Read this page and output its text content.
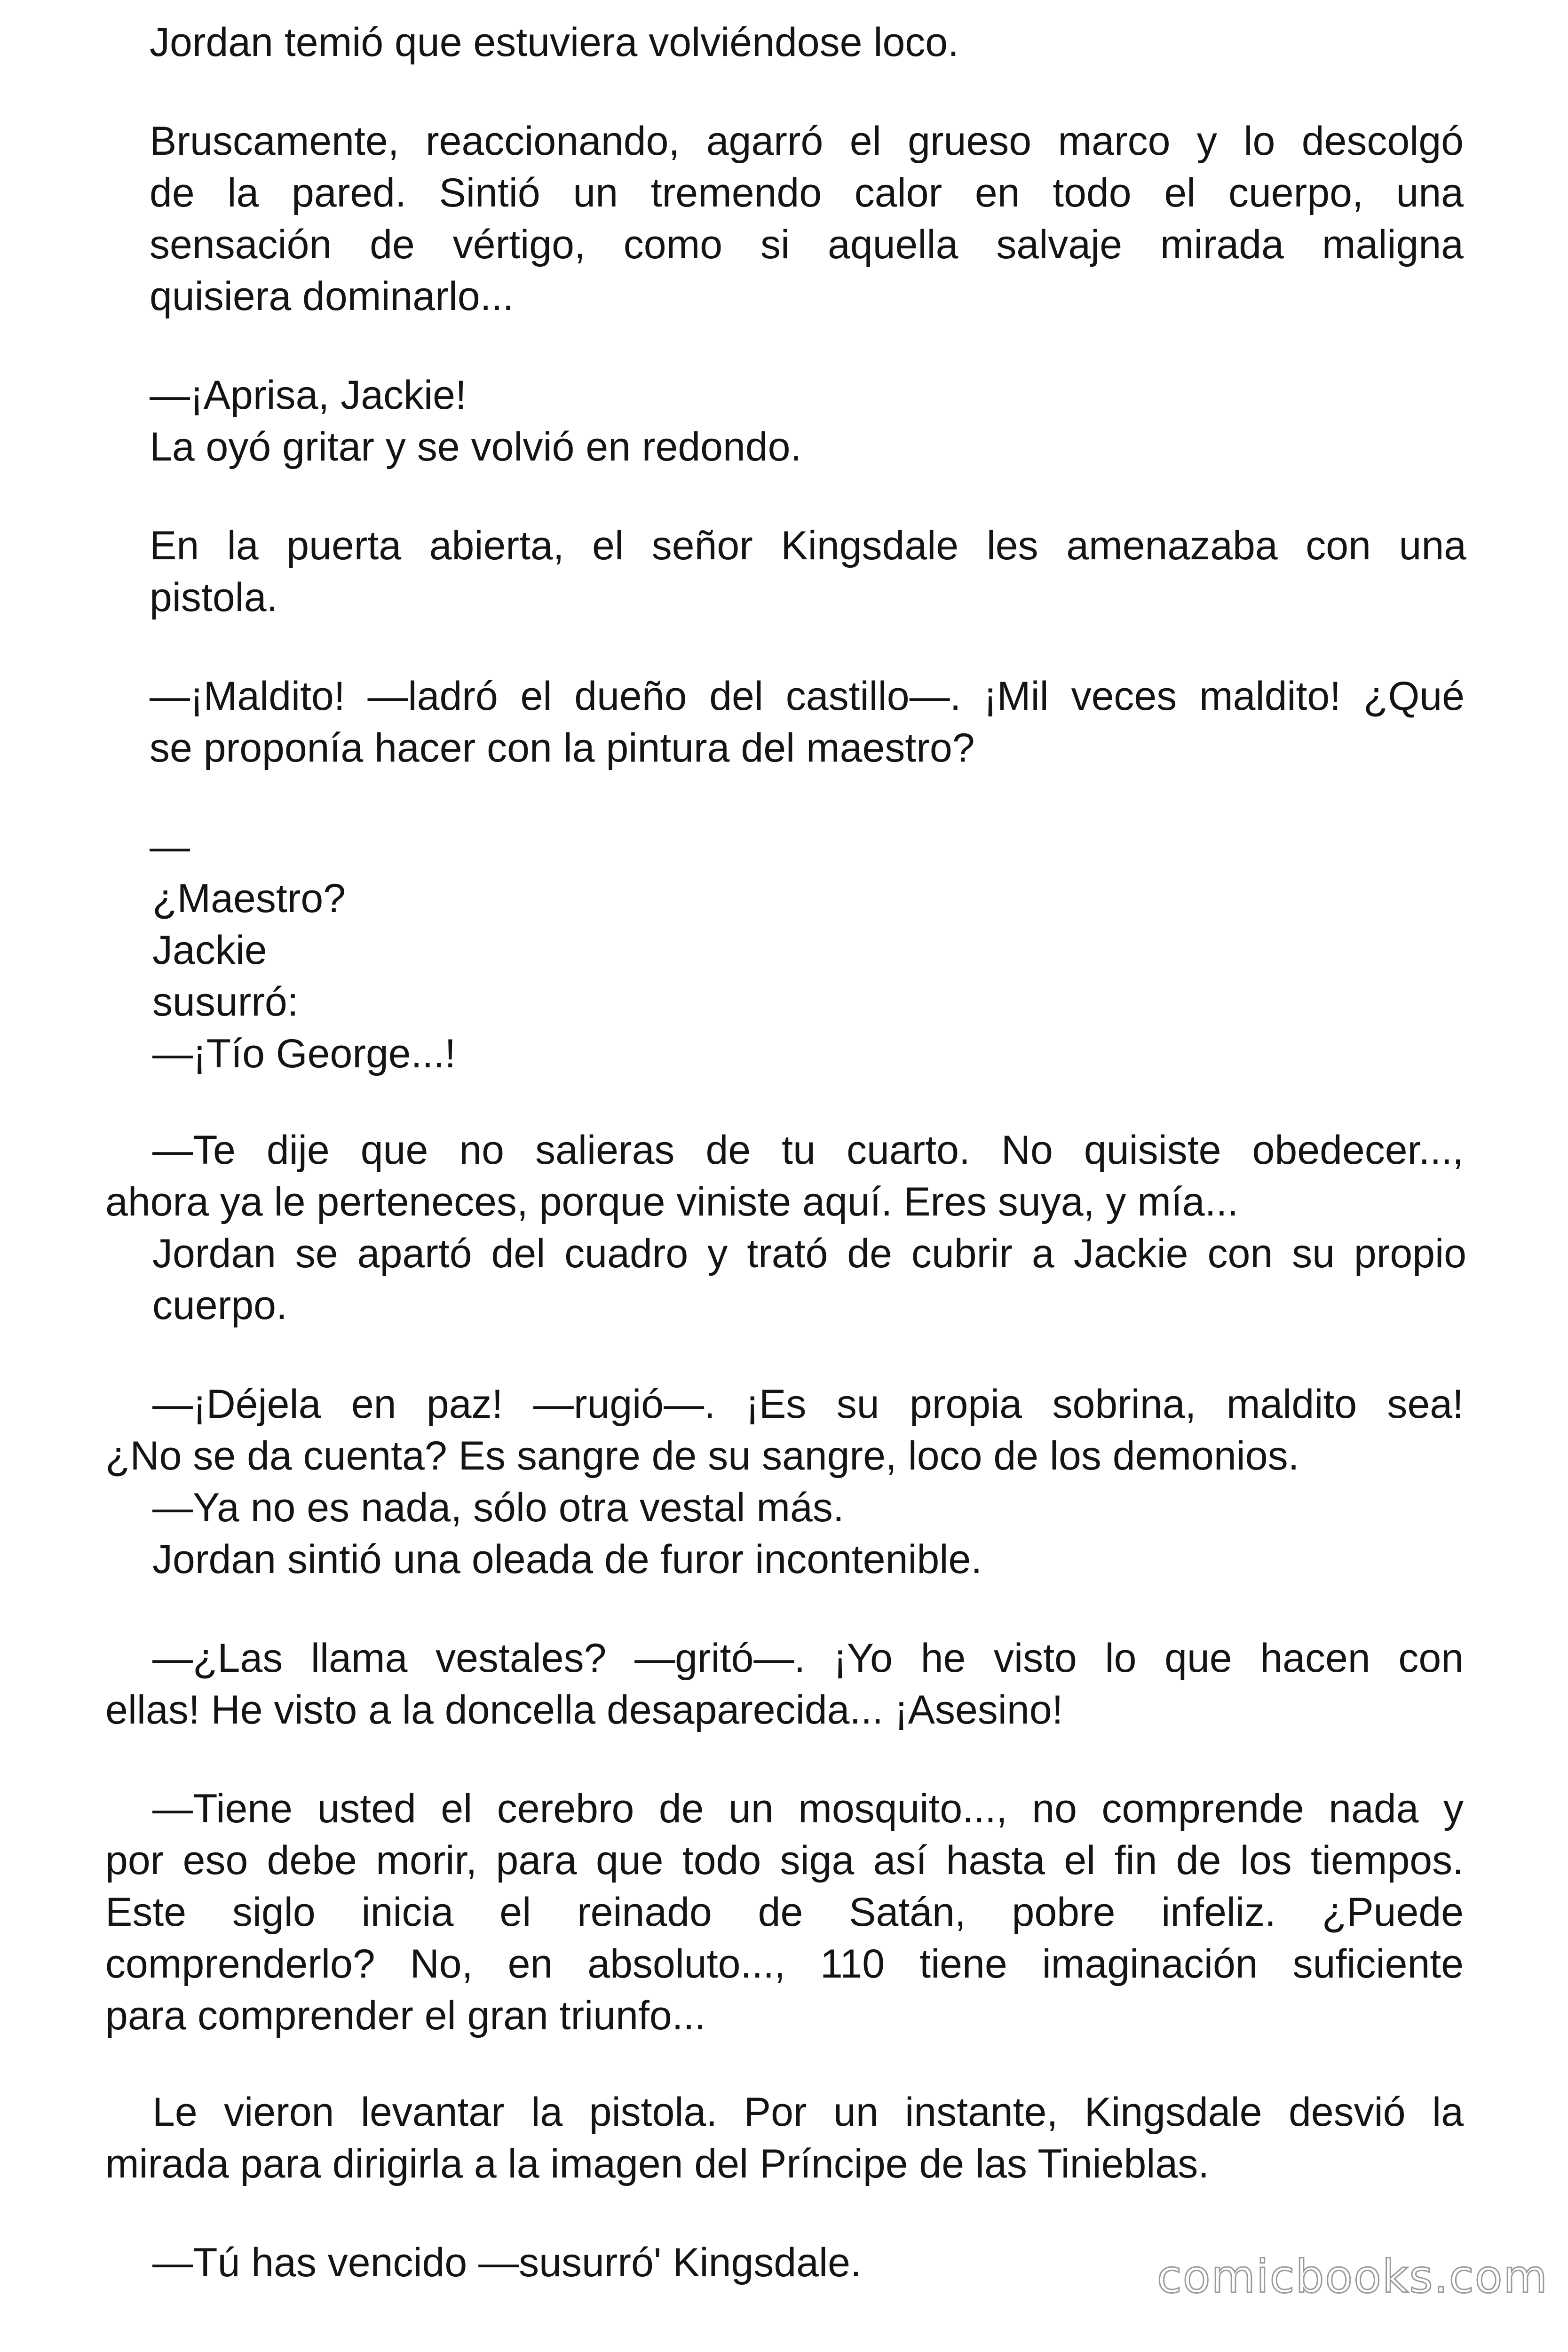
Jordan temió que estuviera volviéndose loco.

Bruscamente, reaccionando, agarró el grueso marco y lo descolgó

de la pared. Sintió un tremendo calor en todo el cuerpo, una

sensación de vértigo, como si aquella salvaje mirada maligna

quisiera dominarlo...

—¡Aprisa, Jackie!

La oyó gritar y se volvió en redondo.

En la puerta abierta, el señor Kingsdale les amenazaba con una

pistola.

—¡Maldito! —ladró el dueño del castillo—. ¡Mil veces maldito! ¿Qué

se proponía hacer con la pintura del maestro?

—

¿Maestro?

Jackie

susurró:

—¡Tío George...!

—Te dije que no salieras de tu cuarto. No quisiste obedecer...,

ahora ya le perteneces, porque viniste aquí. Eres suya, y mía...

Jordan se apartó del cuadro y trató de cubrir a Jackie con su propio

cuerpo.

—¡Déjela en paz! —rugió—. ¡Es su propia sobrina, maldito sea!

¿No se da cuenta? Es sangre de su sangre, loco de los demonios.

—Ya no es nada, sólo otra vestal más.

Jordan sintió una oleada de furor incontenible.

—¿Las llama vestales? —gritó—. ¡Yo he visto lo que hacen con

ellas! He visto a la doncella desaparecida... ¡Asesino!

—Tiene usted el cerebro de un mosquito..., no comprende nada y

por eso debe morir, para que todo siga así hasta el fin de los tiempos.

Este siglo inicia el reinado de Satán, pobre infeliz. ¿Puede

comprenderlo? No, en absoluto..., 110 tiene imaginación suficiente

para comprender el gran triunfo...

Le vieron levantar la pistola. Por un instante, Kingsdale desvió la

mirada para dirigirla a la imagen del Príncipe de las Tinieblas.

—Tú has vencido —susurró' Kingsdale.	comicbooks.com
